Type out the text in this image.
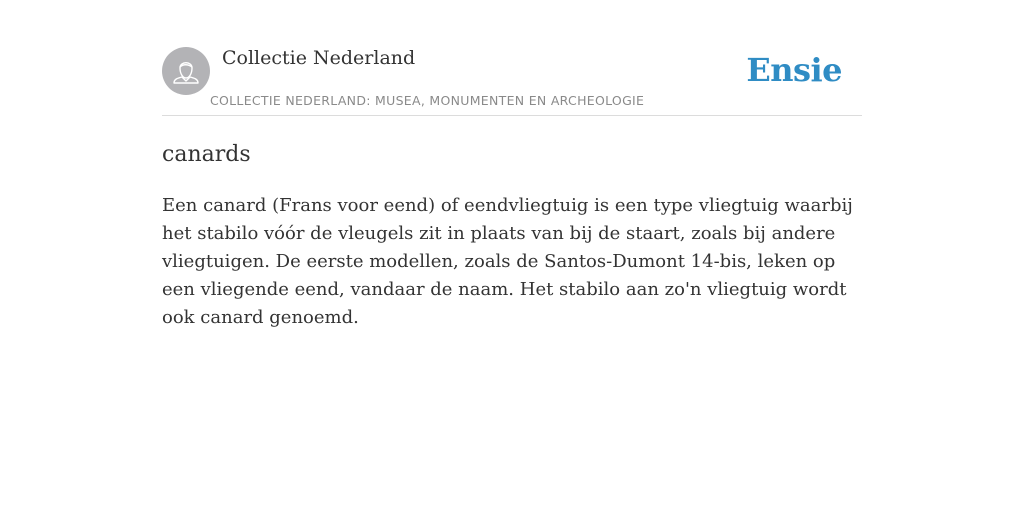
Collectie Nederland
COLLECTIE NEDERLAND: MUSEA, MONUMENTEN EN ARCHEOLOGIE
Ensie
canards

Een canard (Frans voor eend) of eendvliegtuig is een type vliegtuig waarbij het stabilo vóór de vleugels zit in plaats van bij de staart, zoals bij andere vliegtuigen. De eerste modellen, zoals de Santos-Dumont 14-bis, leken op een vliegende eend, vandaar de naam. Het stabilo aan zo'n vliegtuig wordt ook canard genoemd.
